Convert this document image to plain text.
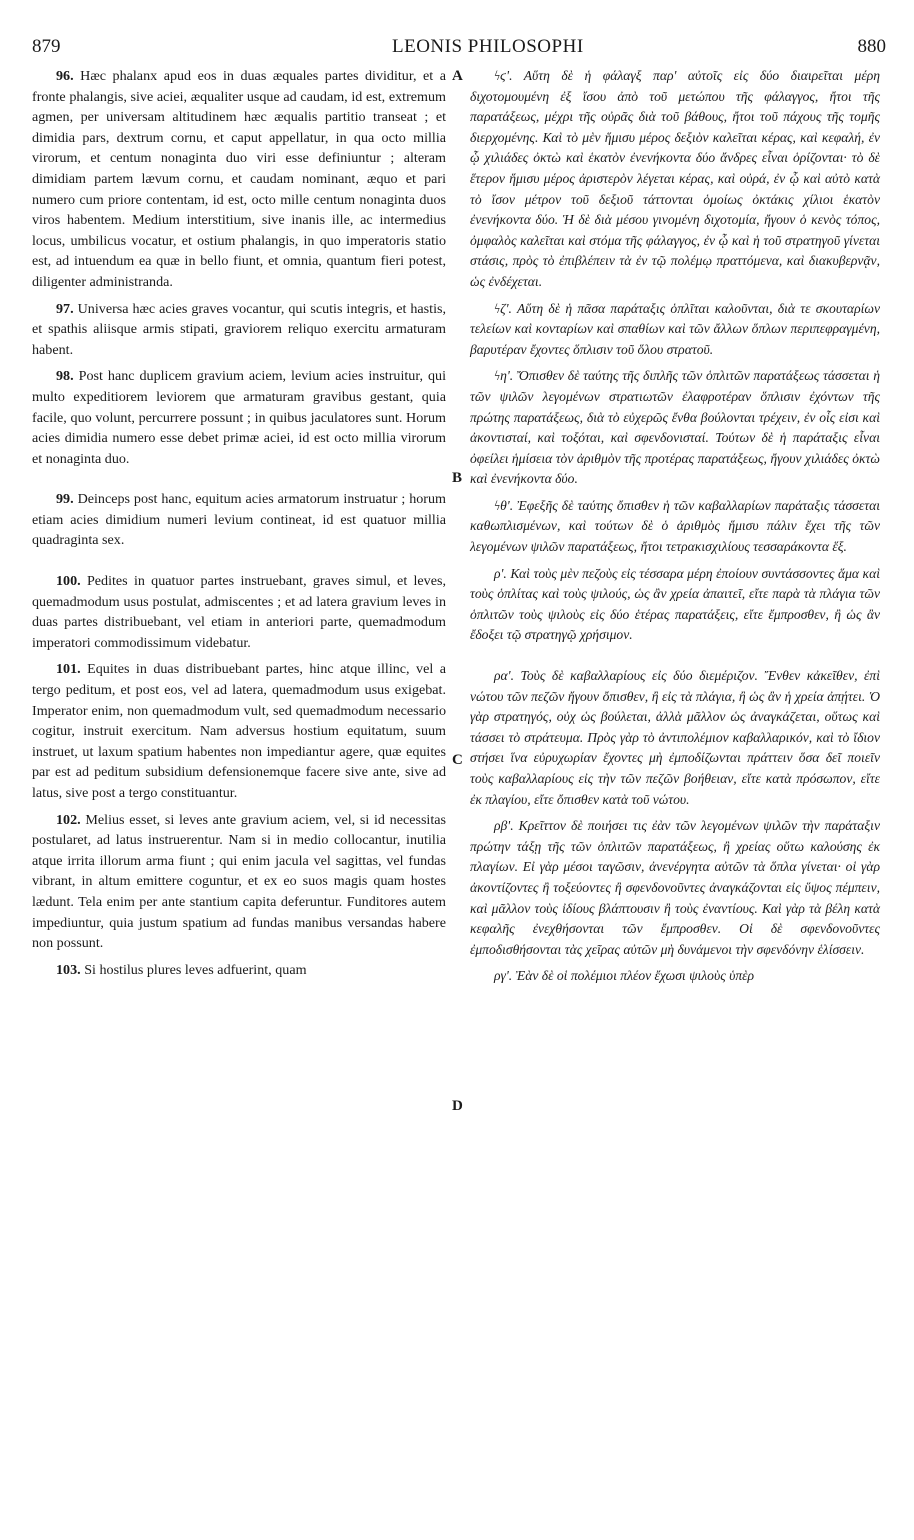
879	LEONIS PHILOSOPHI	880
A
B
C
D

96. Hæc phalanx apud eos in duas æquales partes dividitur, et a fronte phalangis, sive aciei, æqualiter usque ad caudam, id est, extremum agmen, per universam altitudinem hæc æqualis partitio transeat ; et dimidia pars, dextrum cornu, et caput appellatur, in qua octo millia virorum, et centum nonaginta duo viri esse definiuntur ; alteram dimidiam partem lævum cornu, et caudam nominant, æquo et pari numero cum priore contentam, id est, octo mille centum nonaginta duos viros habentem. Medium interstitium, sive inanis ille, ac intermedius locus, umbilicus vocatur, et ostium phalangis, in quo imperatoris statio est, ad intuendum ea quæ in bello fiunt, et omnia, quantum fieri potest, diligenter administranda.

97. Universa hæc acies graves vocantur, qui scutis integris, et hastis, et spathis aliisque armis stipati, graviorem reliquo exercitu armaturam habent.

98. Post hanc duplicem gravium aciem, levium acies instruitur, qui multo expeditiorem leviorem que armaturam gravibus gestant, quia facile, quo volunt, percurrere possunt ; in quibus jaculatores sunt. Horum acies dimidia numero esse debet primæ aciei, id est octo millia virorum et nonaginta duo.

99. Deinceps post hanc, equitum acies armatorum instruatur ; horum etiam acies dimidium numeri levium contineat, id est quatuor millia quadraginta sex.

100. Pedites in quatuor partes instruebant, graves simul, et leves, quemadmodum usus postulat, admiscentes ; et ad latera gravium leves in duas partes distribuebant, vel etiam in anteriori parte, quemadmodum imperatori commodissimum videbatur.

101. Equites in duas distribuebant partes, hinc atque illinc, vel a tergo peditum, et post eos, vel ad latera, quemadmodum usus exigebat. Imperator enim, non quemadmodum vult, sed quemadmodum necessario cogitur, instruit exercitum. Nam adversus hostium equitatum, suum instruet, ut laxum spatium habentes non impediantur agere, quæ equites par est ad peditum subsidium defensionemque facere sive ante, sive ad latus, sive post a tergo constituantur.

102. Melius esset, si leves ante gravium aciem, vel, si id necessitas postularet, ad latus instruerentur. Nam si in medio collocantur, inutilia atque irrita illorum arma fiunt ; qui enim jacula vel sagittas, vel fundas vibrant, in altum emittere coguntur, et ex eo suos magis quam hostes lædunt. Tela enim per ante stantium capita deferuntur. Funditores autem impediuntur, quia justum spatium ad fundas manibus versandas habere non possunt.

103. Si hostilus plures leves adfuerint, quam

ϟϛ'. Αὕτη δὲ ἡ φάλαγξ παρ' αὐτοῖς εἰς δύο διαιρεῖται μέρη διχοτομουμένη ἐξ ἴσου ἀπὸ τοῦ μετώπου τῆς φάλαγγος, ἤτοι τῆς παρατάξεως, μέχρι τῆς οὐρᾶς διὰ τοῦ βάθους, ἤτοι τοῦ πάχους τῆς τομῆς διερχομένης. Καὶ τὸ μὲν ἥμισυ μέρος δεξιὸν καλεῖται κέρας, καὶ κεφαλή, ἐν ᾧ χιλιάδες ὀκτὼ καὶ ἑκατὸν ἐνενήκοντα δύο ἄνδρες εἶναι ὁρίζονται· τὸ δὲ ἕτερον ἥμισυ μέρος ἀριστερὸν λέγεται κέρας, καὶ οὐρά, ἐν ᾧ καὶ αὐτὸ κατὰ τὸ ἴσον μέτρον τοῦ δεξιοῦ τάττονται ὁμοίως ὀκτάκις χίλιοι ἑκατὸν ἐνενήκοντα δύο. Ἡ δὲ διὰ μέσου γινομένη διχοτομία, ἤγουν ὁ κενὸς τόπος, ὀμφαλὸς καλεῖται καὶ στόμα τῆς φάλαγγος, ἐν ᾧ καὶ ἡ τοῦ στρατηγοῦ γίνεται στάσις, πρὸς τὸ ἐπιβλέπειν τὰ ἐν τῷ πολέμῳ πραττόμενα, καὶ διακυβερνᾷν, ὡς ἐνδέχεται.

ϟζ'. Αὕτη δὲ ἡ πᾶσα παράταξις ὁπλῖται καλοῦνται, διὰ τε σκουταρίων τελείων καὶ κονταρίων καὶ σπαθίων καὶ τῶν ἄλλων ὅπλων περιπεφραγμένη, βαρυτέραν ἔχοντες ὅπλισιν τοῦ ὅλου στρατοῦ.

ϟη'. Ὄπισθεν δὲ ταύτης τῆς διπλῆς τῶν ὁπλιτῶν παρατάξεως τάσσεται ἡ τῶν ψιλῶν λεγομένων στρατιωτῶν ἐλαφροτέραν ὅπλισιν ἐχόντων τῆς πρώτης παρατάξεως, διὰ τὸ εὐχερῶς ἔνθα βούλονται τρέχειν, ἐν οἷς εἰσι καὶ ἀκοντισταί, καὶ τοξόται, καὶ σφενδονισταί. Τούτων δὲ ἡ παράταξις εἶναι ὀφείλει ἡμίσεια τὸν ἀριθμὸν τῆς προτέρας παρατάξεως, ἤγουν χιλιάδες ὀκτὼ καὶ ἐνενήκοντα δύο.

ϟθ'. Ἐφεξῆς δὲ ταύτης ὄπισθεν ἡ τῶν καβαλλαρίων παράταξις τάσσεται καθωπλισμένων, καὶ τούτων δὲ ὁ ἀριθμὸς ἥμισυ πάλιν ἔχει τῆς τῶν λεγομένων ψιλῶν παρατάξεως, ἤτοι τετρακισχιλίους τεσσαράκοντα ἕξ.

ρ'. Καὶ τοὺς μὲν πεζοὺς εἰς τέσσαρα μέρη ἐποίουν συντάσσοντες ἅμα καὶ τοὺς ὁπλίτας καὶ τοὺς ψιλούς, ὡς ἂν χρεία ἀπαιτεῖ, εἴτε παρὰ τὰ πλάγια τῶν ὁπλιτῶν τοὺς ψιλοὺς εἰς δύο ἑτέρας παρατάξεις, εἴτε ἔμπροσθεν, ἢ ὡς ἂν ἔδοξει τῷ στρατηγῷ χρήσιμον.

ρα'. Τοὺς δὲ καβαλλαρίους εἰς δύο διεμέριζον. Ἔνθεν κἀκεῖθεν, ἐπὶ νώτου τῶν πεζῶν ἤγουν ὄπισθεν, ἢ εἰς τὰ πλάγια, ἢ ὡς ἂν ἡ χρεία ἀπῄτει. Ὁ γὰρ στρατηγός, οὐχ ὡς βούλεται, ἀλλὰ μᾶλλον ὡς ἀναγκάζεται, οὕτως καὶ τάσσει τὸ στράτευμα. Πρὸς γὰρ τὸ ἀντιπολέμιον καβαλλαρικόν, καὶ τὸ ἴδιον στήσει ἵνα εὐρυχωρίαν ἔχοντες μὴ ἐμποδίζωνται πράττειν ὅσα δεῖ ποιεῖν τοὺς καβαλλαρίους εἰς τὴν τῶν πεζῶν βοήθειαν, εἴτε κατὰ πρόσωπον, εἴτε ἐκ πλαγίου, εἴτε ὄπισθεν κατὰ τοῦ νώτου.

ρβ'. Κρεῖττον δὲ ποιήσει τις ἐὰν τῶν λεγομένων ψιλῶν τὴν παράταξιν πρώτην τάξῃ τῆς τῶν ὁπλιτῶν παρατάξεως, ἢ χρείας οὕτω καλούσης ἐκ πλαγίων. Εἰ γὰρ μέσοι ταγῶσιν, ἀνενέργητα αὐτῶν τὰ ὅπλα γίνεται· οἱ γὰρ ἀκοντίζοντες ἢ τοξεύοντες ἢ σφενδονοῦντες ἀναγκάζονται εἰς ὕψος πέμπειν, καὶ μᾶλλον τοὺς ἰδίους βλάπτουσιν ἢ τοὺς ἐναντίους. Καὶ γὰρ τὰ βέλη κατὰ κεφαλῆς ἐνεχθήσονται τῶν ἔμπροσθεν. Οἱ δὲ σφενδονοῦντες ἐμποδισθήσονται τὰς χεῖρας αὐτῶν μὴ δυνάμενοι τὴν σφενδόνην ἑλίσσειν.

ργ'. Ἐὰν δὲ οἱ πολέμιοι πλέον ἔχωσι ψιλοὺς ὑπὲρ
